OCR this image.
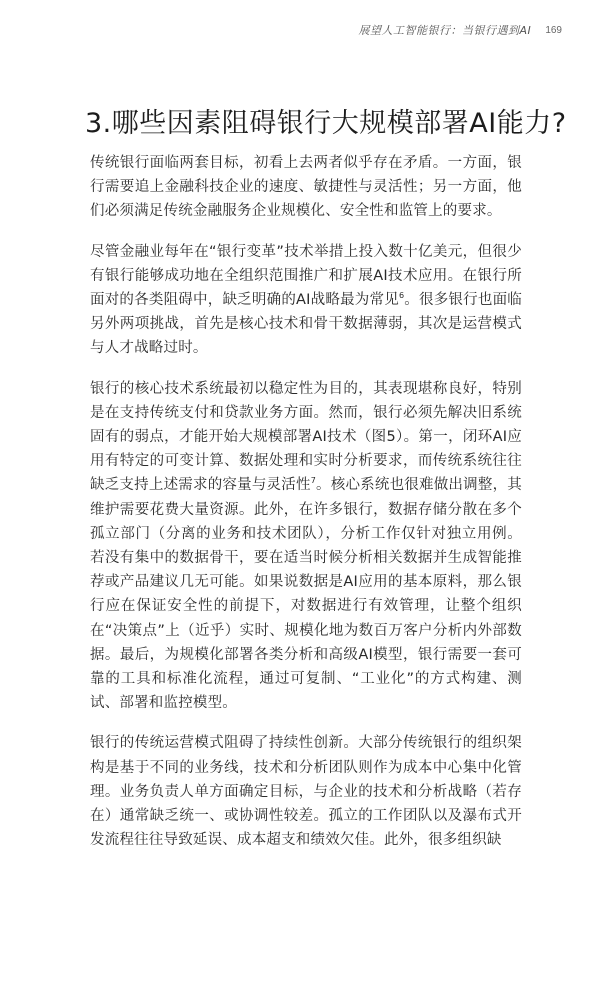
展望人工智能银行：当银行遇到AI 169
3.哪些因素阻碍银行大规模部署AI能力?

传统银行面临两套目标，初看上去两者似乎存在矛盾。一方面，银行需要追上金融科技企业的速度、敏捷性与灵活性；另一方面，他们必须满足传统金融服务企业规模化、安全性和监管上的要求。

尽管金融业每年在“银行变革”技术举措上投入数十亿美元，但很少有银行能够成功地在全组织范围推广和扩展AI技术应用。在银行所面对的各类阻碍中，缺乏明确的AI战略最为常见$^6$。很多银行也面临另外两项挑战，首先是核心技术和骨干数据薄弱，其次是运营模式与人才战略过时。

银行的核心技术系统最初以稳定性为目的，其表现堪称良好，特别是在支持传统支付和贷款业务方面。然而，银行必须先解决旧系统固有的弱点，才能开始大规模部署AI技术（图5）。第一，闭环AI应用有特定的可变计算、数据处理和实时分析要求，而传统系统往往缺乏支持上述需求的容量与灵活性$^7$。核心系统也很难做出调整，其维护需要花费大量资源。此外，在许多银行，数据存储分散在多个孤立部门（分离的业务和技术团队），分析工作仅针对独立用例。若没有集中的数据骨干，要在适当时候分析相关数据并生成智能推荐或产品建议几无可能。如果说数据是AI应用的基本原料，那么银行应在保证安全性的前提下，对数据进行有效管理，让整个组织在“决策点”上（近乎）实时、规模化地为数百万客户分析内外部数据。最后，为规模化部署各类分析和高级AI模型，银行需要一套可靠的工具和标准化流程，通过可复制、“工业化”的方式构建、测试、部署和监控模型。

银行的传统运营模式阻碍了持续性创新。大部分传统银行的组织架构是基于不同的业务线，技术和分析团队则作为成本中心集中化管理。业务负责人单方面确定目标，与企业的技术和分析战略（若存在）通常缺乏统一、或协调性较差。孤立的工作团队以及瀑布式开发流程往往导致延误、成本超支和绩效欠佳。此外，很多组织缺
